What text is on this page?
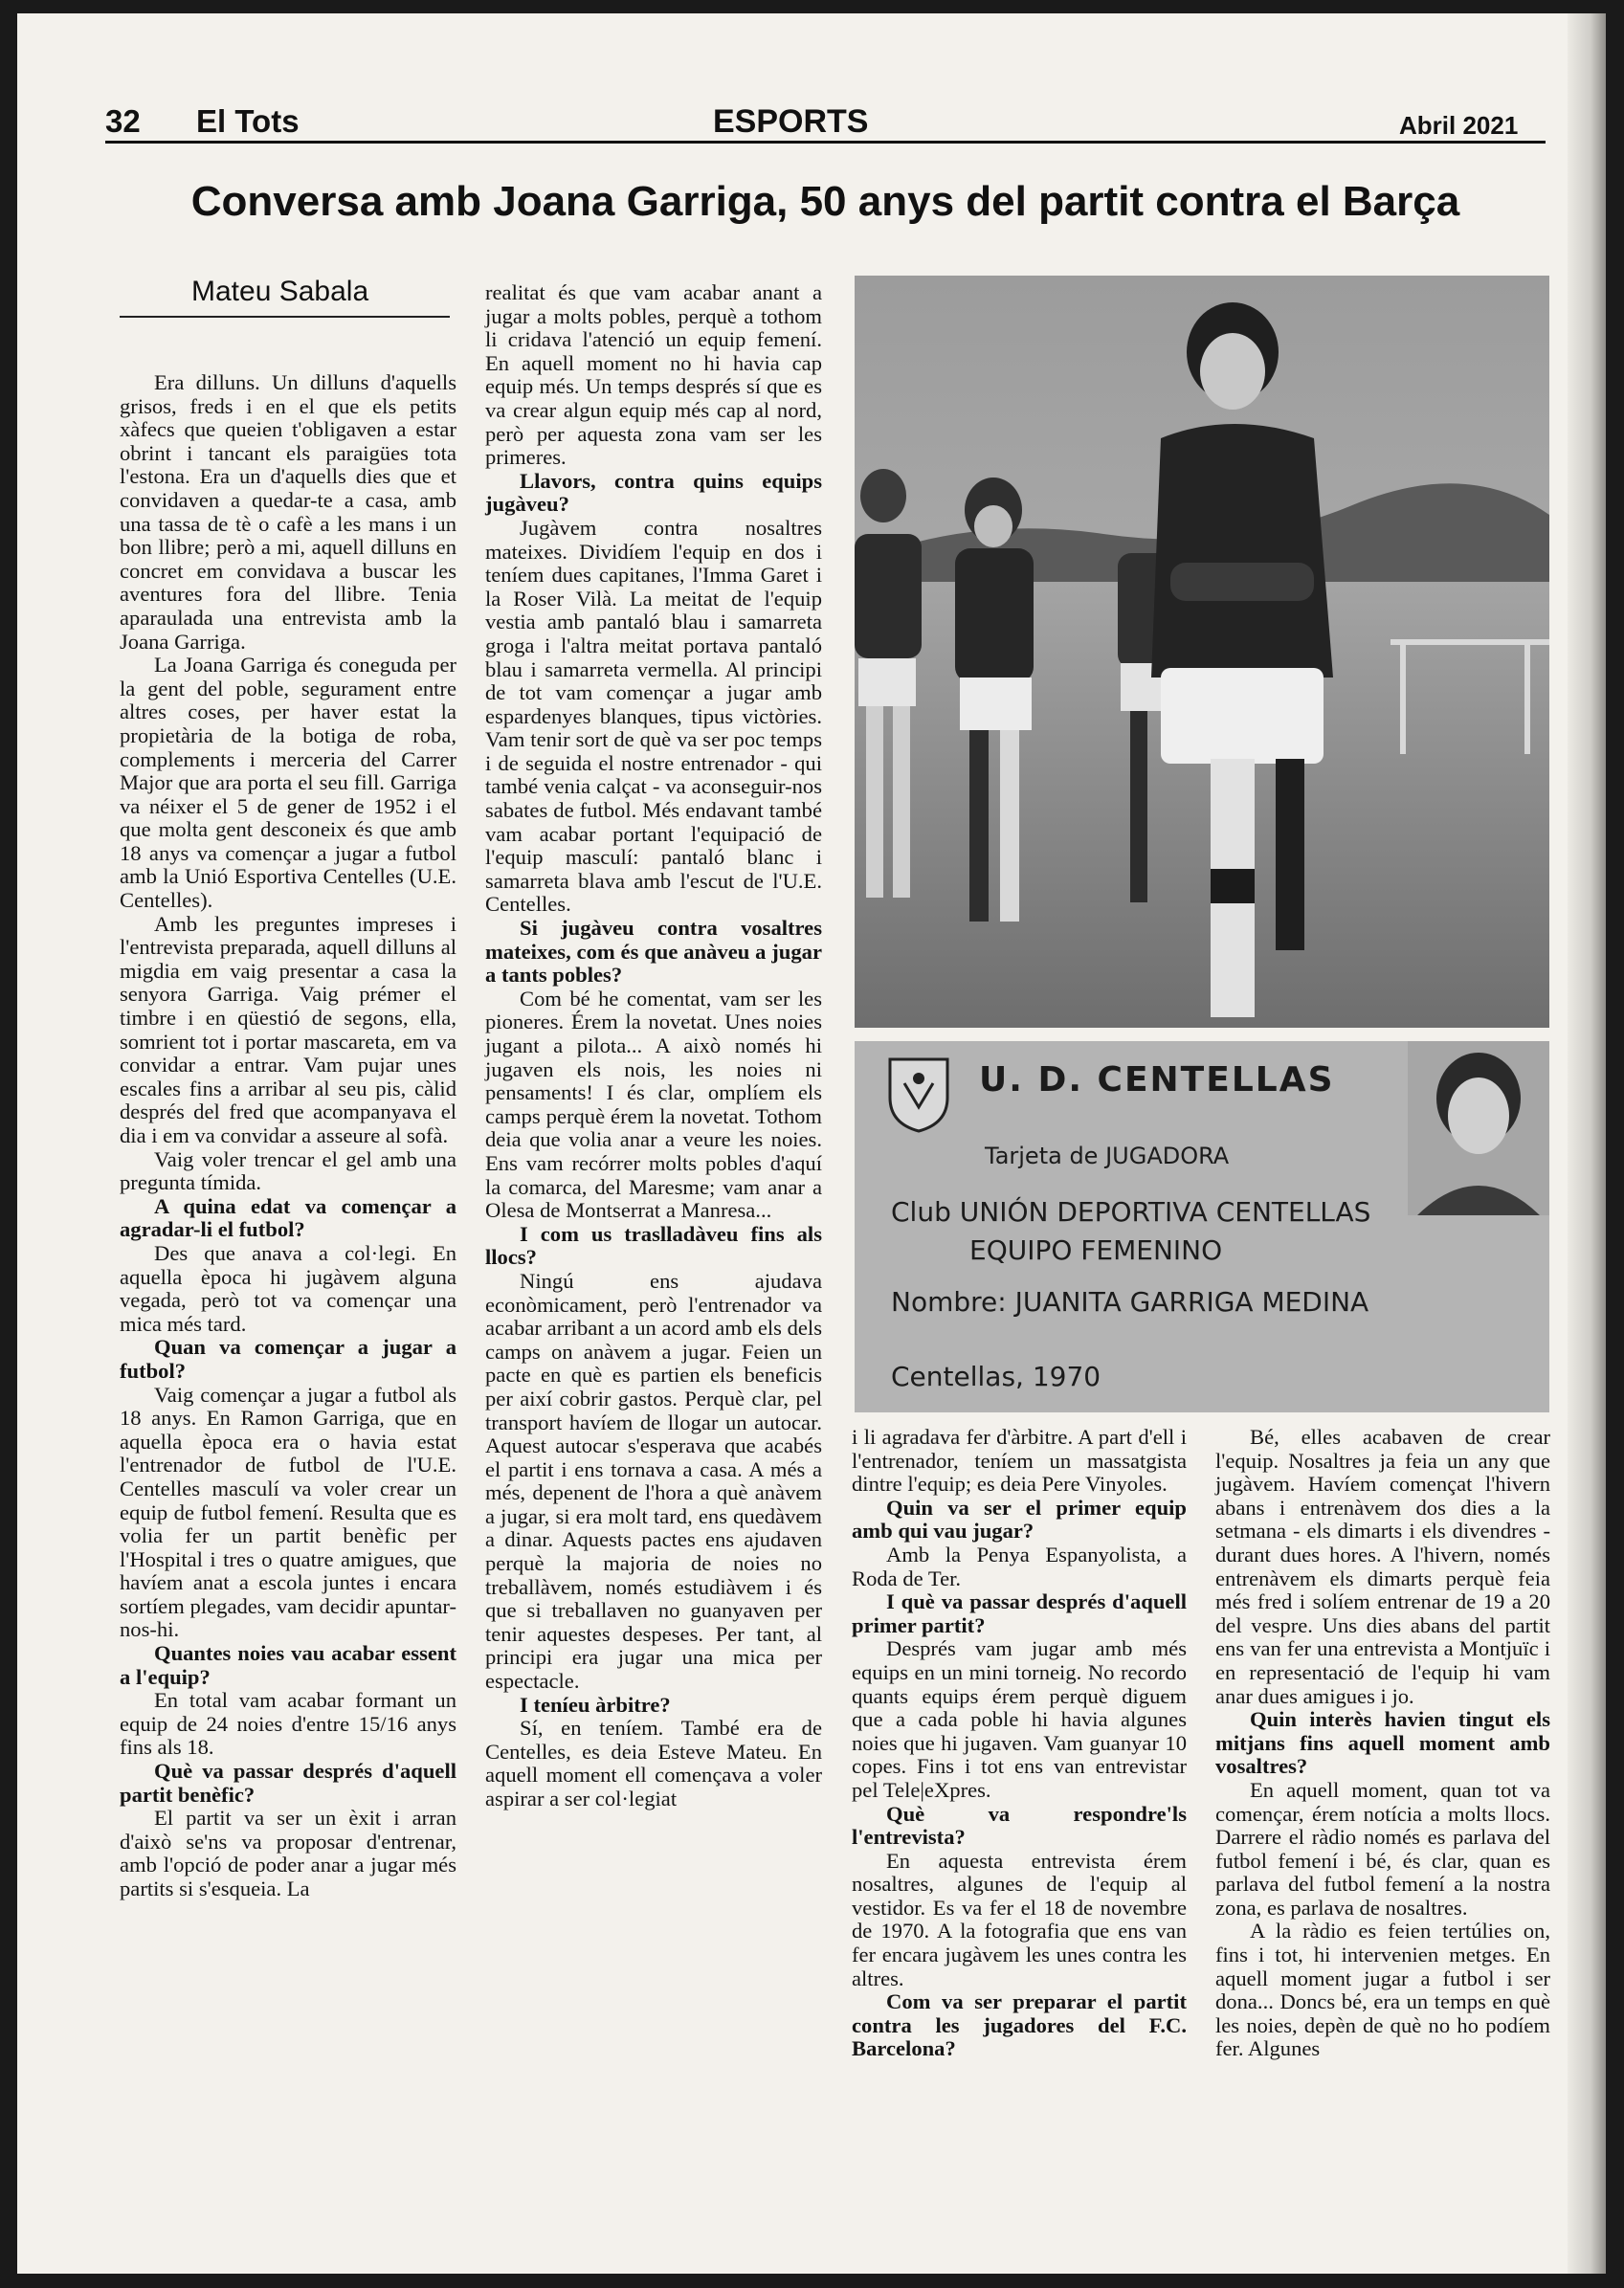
32 El Tots	ESPORTS	Abril 2021
Conversa amb Joana Garriga, 50 anys del partit contra el Barça
Mateu Sabala

Era dilluns. Un dilluns d'aquells grisos, freds i en el que els petits xàfecs que queien t'obligaven a estar obrint i tancant els paraigües tota l'estona. Era un d'aquells dies que et convidaven a quedar-te a casa, amb una tassa de tè o cafè a les mans i un bon llibre; però a mi, aquell dilluns en concret em convidava a buscar les aventures fora del llibre. Tenia aparaulada una entrevista amb la Joana Garriga.

La Joana Garriga és coneguda per la gent del poble, segurament entre altres coses, per haver estat la propietària de la botiga de roba, complements i merceria del Carrer Major que ara porta el seu fill. Garriga va néixer el 5 de gener de 1952 i el que molta gent desconeix és que amb 18 anys va començar a jugar a futbol amb la Unió Esportiva Centelles (U.E. Centelles).

Amb les preguntes impreses i l'entrevista preparada, aquell dilluns al migdia em vaig presentar a casa la senyora Garriga. Vaig prémer el timbre i en qüestió de segons, ella, somrient tot i portar mascareta, em va convidar a entrar. Vam pujar unes escales fins a arribar al seu pis, càlid després del fred que acompanyava el dia i em va convidar a asseure al sofà.

Vaig voler trencar el gel amb una pregunta tímida.

A quina edat va començar a agradar-li el futbol?

Des que anava a col·legi. En aquella època hi jugàvem alguna vegada, però tot va començar una mica més tard.

Quan va començar a jugar a futbol?

Vaig començar a jugar a futbol als 18 anys. En Ramon Garriga, que en aquella època era o havia estat l'entrenador de futbol de l'U.E. Centelles masculí va voler crear un equip de futbol femení. Resulta que es volia fer un partit benèfic per l'Hospital i tres o quatre amigues, que havíem anat a escola juntes i encara sortíem plegades, vam decidir apuntar-nos-hi.

Quantes noies vau acabar essent a l'equip?

En total vam acabar formant un equip de 24 noies d'entre 15/16 anys fins als 18.

Què va passar després d'aquell partit benèfic?

El partit va ser un èxit i arran d'això se'ns va proposar d'entrenar, amb l'opció de poder anar a jugar més partits si s'esqueia. La

realitat és que vam acabar anant a jugar a molts pobles, perquè a tothom li cridava l'atenció un equip femení. En aquell moment no hi havia cap equip més. Un temps després sí que es va crear algun equip més cap al nord, però per aquesta zona vam ser les primeres.

Llavors, contra quins equips jugàveu?

Jugàvem contra nosaltres mateixes. Dividíem l'equip en dos i teníem dues capitanes, l'Imma Garet i la Roser Vilà. La meitat de l'equip vestia amb pantaló blau i samarreta groga i l'altra meitat portava pantaló blau i samarreta vermella. Al principi de tot vam començar a jugar amb espardenyes blanques, tipus victòries. Vam tenir sort de què va ser poc temps i de seguida el nostre entrenador - qui també venia calçat - va aconseguir-nos sabates de futbol. Més endavant també vam acabar portant l'equipació de l'equip masculí: pantaló blanc i samarreta blava amb l'escut de l'U.E. Centelles.

Si jugàveu contra vosaltres mateixes, com és que anàveu a jugar a tants pobles?

Com bé he comentat, vam ser les pioneres. Érem la novetat. Unes noies jugant a pilota... A això només hi jugaven els nois, les noies ni pensaments! I és clar, omplíem els camps perquè érem la novetat. Tothom deia que volia anar a veure les noies. Ens vam recórrer molts pobles d'aquí la comarca, del Maresme; vam anar a Olesa de Montserrat a Manresa...

I com us traslladàveu fins als llocs?

Ningú ens ajudava econòmicament, però l'entrenador va acabar arribant a un acord amb els dels camps on anàvem a jugar. Feien un pacte en què es partien els beneficis per així cobrir gastos. Perquè clar, pel transport havíem de llogar un autocar. Aquest autocar s'esperava que acabés el partit i ens tornava a casa. A més a més, depenent de l'hora a què anàvem a jugar, si era molt tard, ens quedàvem a dinar. Aquests pactes ens ajudaven perquè la majoria de noies no treballàvem, només estudiàvem i és que si treballaven no guanyaven per tenir aquestes despeses. Per tant, al principi era jugar una mica per espectacle.

I teníeu àrbitre?

Sí, en teníem. També era de Centelles, es deia Esteve Mateu. En aquell moment ell començava a voler aspirar a ser col·legiat

i li agradava fer d'àrbitre. A part d'ell i l'entrenador, teníem un massatgista dintre l'equip; es deia Pere Vinyoles.

Quin va ser el primer equip amb qui vau jugar?

Amb la Penya Espanyolista, a Roda de Ter.

I què va passar després d'aquell primer partit?

Després vam jugar amb més equips en un mini torneig. No recordo quants equips érem perquè diguem que a cada poble hi havia algunes noies que hi jugaven. Vam guanyar 10 copes. Fins i tot ens van entrevistar pel Tele|eXpres.

Què va respondre'ls l'entrevista?

En aquesta entrevista érem nosaltres, algunes de l'equip al vestidor. Es va fer el 18 de novembre de 1970. A la fotografia que ens van fer encara jugàvem les unes contra les altres.

Com va ser preparar el partit contra les jugadores del F.C. Barcelona?

Bé, elles acabaven de crear l'equip. Nosaltres ja feia un any que jugàvem. Havíem començat l'hivern abans i entrenàvem dos dies a la setmana - els dimarts i els divendres - durant dues hores. A l'hivern, només entrenàvem els dimarts perquè feia més fred i solíem entrenar de 19 a 20 del vespre. Uns dies abans del partit ens van fer una entrevista a Montjuïc i en representació de l'equip hi vam anar dues amigues i jo.

Quin interès havien tingut els mitjans fins aquell moment amb vosaltres?

En aquell moment, quan tot va començar, érem notícia a molts llocs. Darrere el ràdio només es parlava del futbol femení i bé, és clar, quan es parlava del futbol femení a la nostra zona, es parlava de nosaltres.

A la ràdio es feien tertúlies on, fins i tot, hi intervenien metges. En aquell moment jugar a futbol i ser dona... Doncs bé, era un temps en què les noies, depèn de què no ho podíem fer. Algunes

U. D. CENTELLAS
Tarjeta de JUGADORA
Club UNIÓN DEPORTIVA CENTELLAS
EQUIPO FEMENINO
Nombre: JUANITA GARRIGA MEDINA
Centellas, 1970
